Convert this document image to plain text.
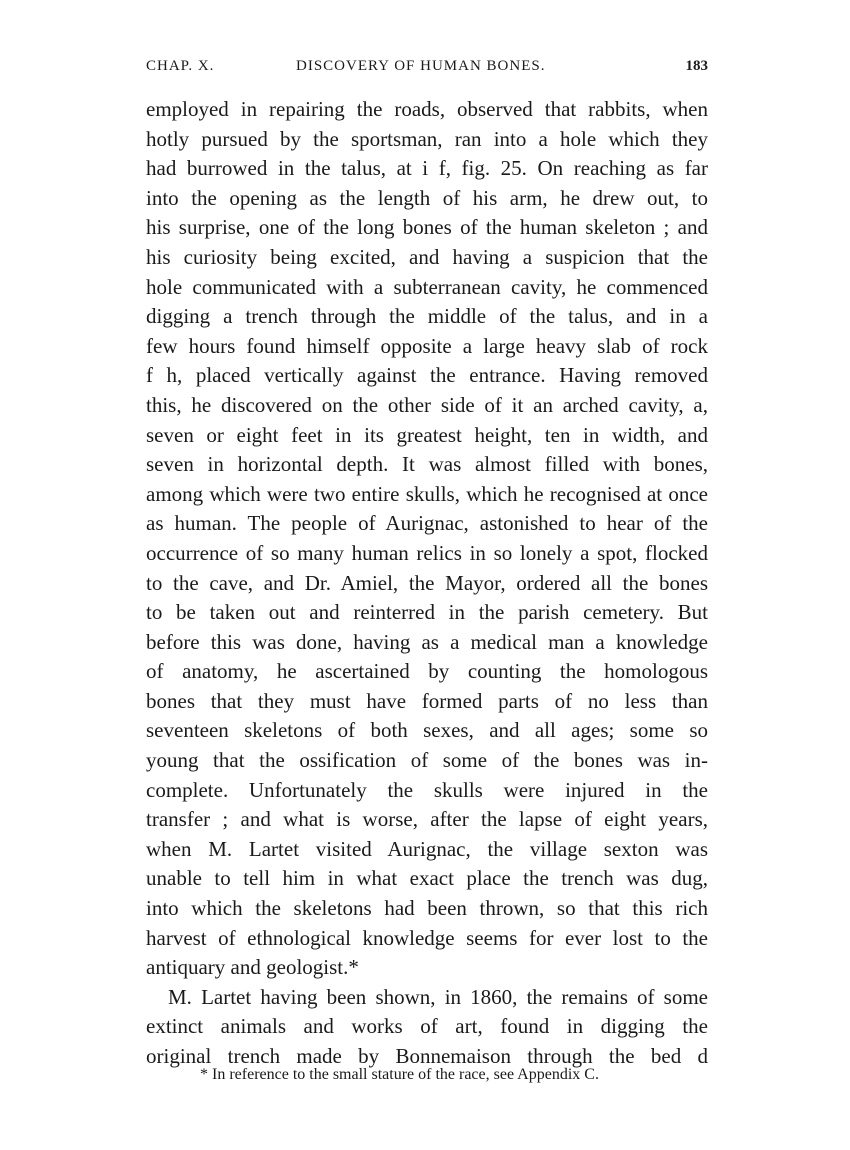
CHAP. X.	DISCOVERY OF HUMAN BONES.	183
employed in repairing the roads, observed that rabbits, when
hotly pursued by the sportsman, ran into a hole which they
had burrowed in the talus, at i f, fig. 25. On reaching as far
into the opening as the length of his arm, he drew out, to
his surprise, one of the long bones of the human skeleton ; and
his curiosity being excited, and having a suspicion that the
hole communicated with a subterranean cavity, he commenced
digging a trench through the middle of the talus, and in a
few hours found himself opposite a large heavy slab of rock
f h, placed vertically against the entrance. Having removed
this, he discovered on the other side of it an arched cavity, a,
seven or eight feet in its greatest height, ten in width, and
seven in horizontal depth. It was almost filled with bones,
among which were two entire skulls, which he recognised at once
as human. The people of Aurignac, astonished to hear of the
occurrence of so many human relics in so lonely a spot, flocked
to the cave, and Dr. Amiel, the Mayor, ordered all the bones
to be taken out and reinterred in the parish cemetery. But
before this was done, having as a medical man a knowledge
of anatomy, he ascertained by counting the homologous
bones that they must have formed parts of no less than
seventeen skeletons of both sexes, and all ages; some so
young that the ossification of some of the bones was in-
complete. Unfortunately the skulls were injured in the
transfer ; and what is worse, after the lapse of eight years,
when M. Lartet visited Aurignac, the village sexton was
unable to tell him in what exact place the trench was dug,
into which the skeletons had been thrown, so that this rich
harvest of ethnological knowledge seems for ever lost to the
antiquary and geologist.*
M. Lartet having been shown, in 1860, the remains of some
extinct animals and works of art, found in digging the
original trench made by Bonnemaison through the bed d
* In reference to the small stature of the race, see Appendix C.
